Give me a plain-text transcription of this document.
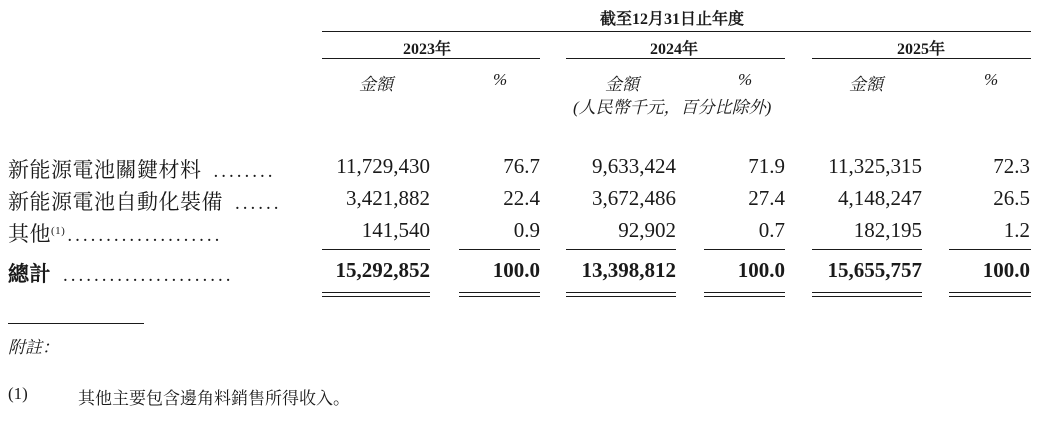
截至12月31日止年度
2023年	2024年	2025年
金額	%	金額	%	金額	%
(人民幣千元，百分比除外)
新能源電池關鍵材料 ........	11,729,430	76.7	9,633,424	71.9	11,325,315	72.3
新能源電池自動化裝備 ......	3,421,882	22.4	3,672,486	27.4	4,148,247	26.5
其他$^{(1)}$ ....................	141,540	0.9	92,902	0.7	182,195	1.2
總計 ......................	15,292,852	100.0	13,398,812	100.0	15,655,757	100.0
附註：
(1)	其他主要包含邊角料銷售所得收入。
